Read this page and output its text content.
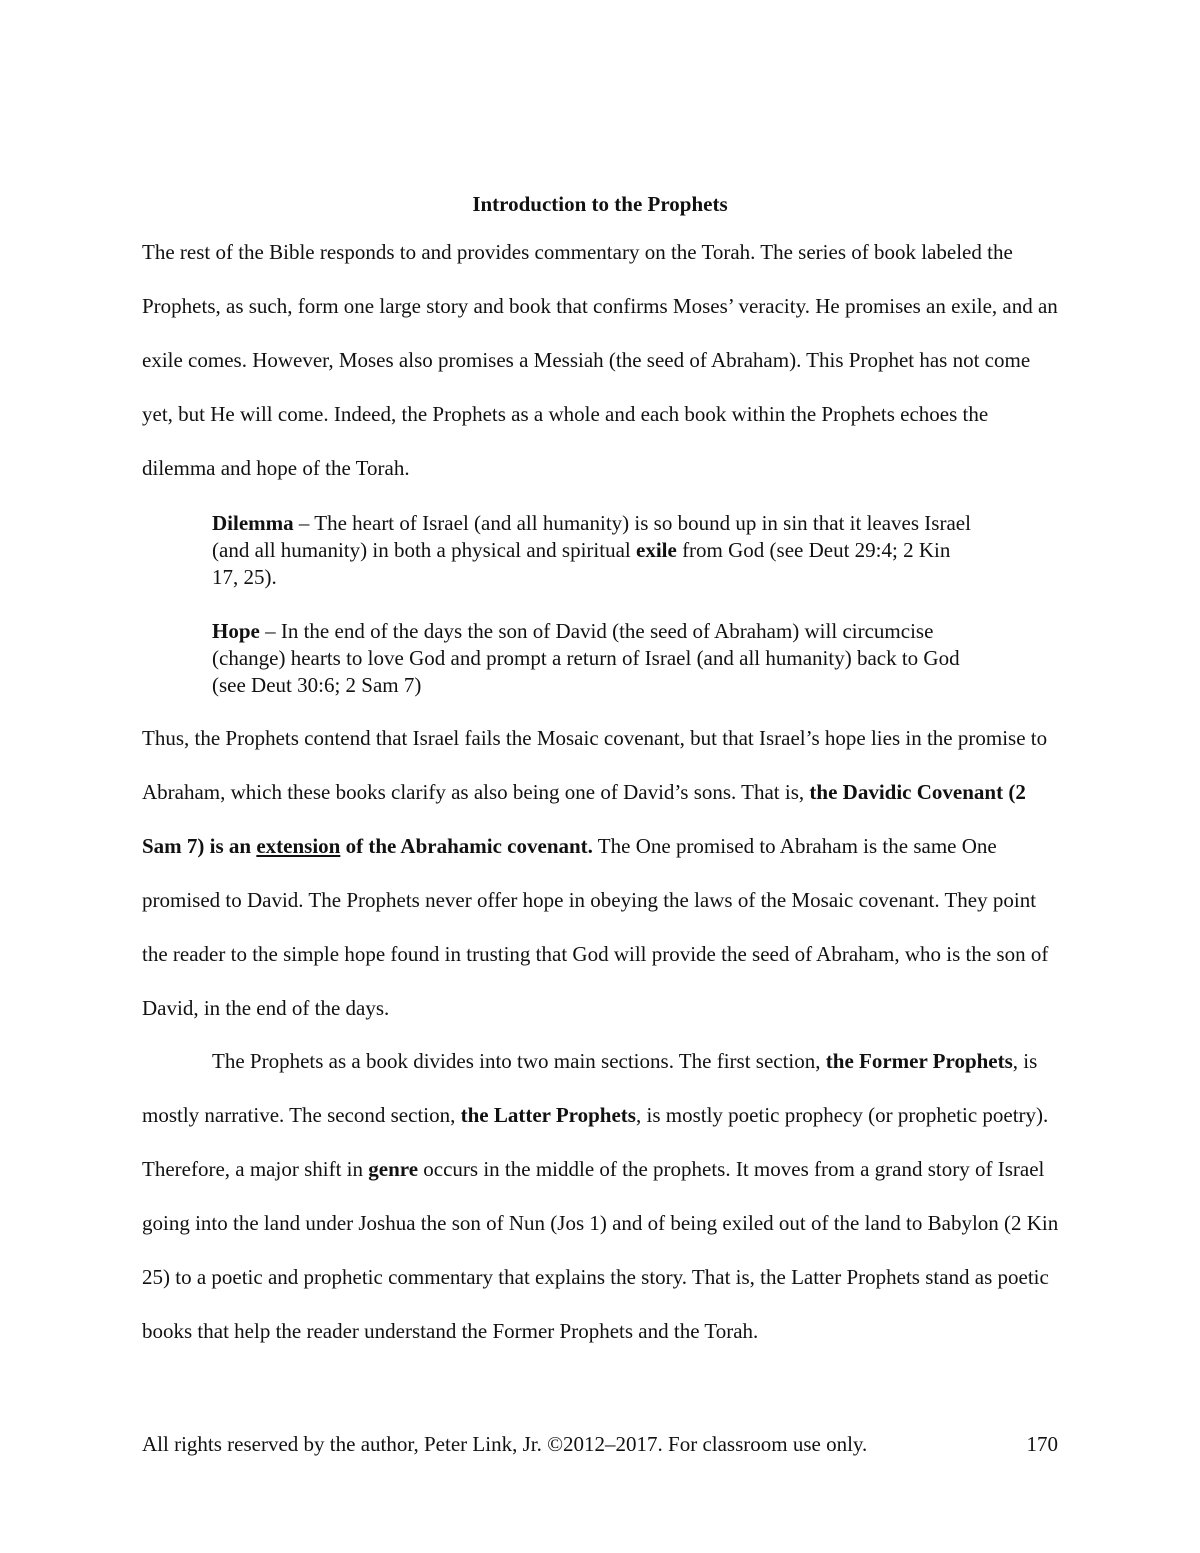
Introduction to the Prophets

The rest of the Bible responds to and provides commentary on the Torah. The series of book labeled the Prophets, as such, form one large story and book that confirms Moses’ veracity. He promises an exile, and an exile comes. However, Moses also promises a Messiah (the seed of Abraham). This Prophet has not come yet, but He will come. Indeed, the Prophets as a whole and each book within the Prophets echoes the dilemma and hope of the Torah.

Dilemma – The heart of Israel (and all humanity) is so bound up in sin that it leaves Israel (and all humanity) in both a physical and spiritual exile from God (see Deut 29:4; 2 Kin 17, 25).

Hope – In the end of the days the son of David (the seed of Abraham) will circumcise (change) hearts to love God and prompt a return of Israel (and all humanity) back to God (see Deut 30:6; 2 Sam 7)

Thus, the Prophets contend that Israel fails the Mosaic covenant, but that Israel’s hope lies in the promise to Abraham, which these books clarify as also being one of David’s sons. That is, the Davidic Covenant (2 Sam 7) is an extension of the Abrahamic covenant. The One promised to Abraham is the same One promised to David. The Prophets never offer hope in obeying the laws of the Mosaic covenant. They point the reader to the simple hope found in trusting that God will provide the seed of Abraham, who is the son of David, in the end of the days.

The Prophets as a book divides into two main sections. The first section, the Former Prophets, is mostly narrative. The second section, the Latter Prophets, is mostly poetic prophecy (or prophetic poetry). Therefore, a major shift in genre occurs in the middle of the prophets. It moves from a grand story of Israel going into the land under Joshua the son of Nun (Jos 1) and of being exiled out of the land to Babylon (2 Kin 25) to a poetic and prophetic commentary that explains the story. That is, the Latter Prophets stand as poetic books that help the reader understand the Former Prophets and the Torah.

All rights reserved by the author, Peter Link, Jr. ©2012–2017. For classroom use only.	170
